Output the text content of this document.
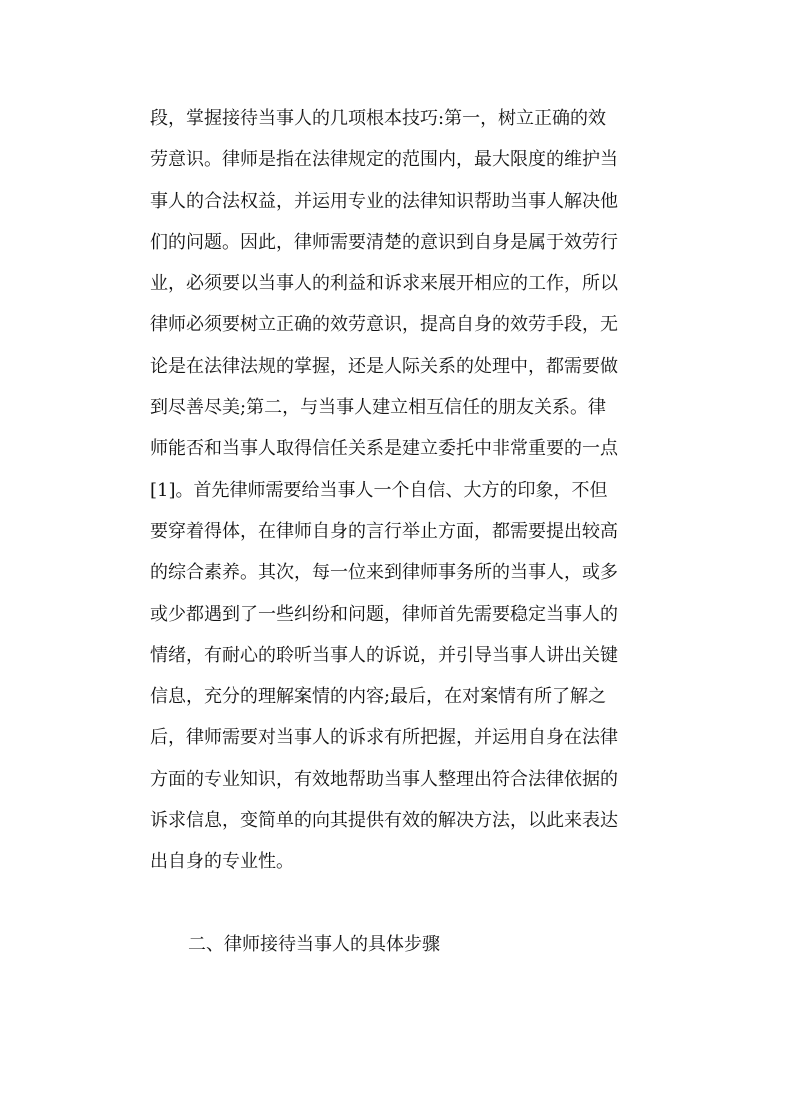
段，掌握接待当事人的几项根本技巧:第一，树立正确的效
劳意识。律师是指在法律规定的范围内，最大限度的维护当
事人的合法权益，并运用专业的法律知识帮助当事人解决他
们的问题。因此，律师需要清楚的意识到自身是属于效劳行
业，必须要以当事人的利益和诉求来展开相应的工作，所以
律师必须要树立正确的效劳意识，提高自身的效劳手段，无
论是在法律法规的掌握，还是人际关系的处理中，都需要做
到尽善尽美;第二，与当事人建立相互信任的朋友关系。律
师能否和当事人取得信任关系是建立委托中非常重要的一点
[1]。首先律师需要给当事人一个自信、大方的印象，不但
要穿着得体，在律师自身的言行举止方面，都需要提出较高
的综合素养。其次，每一位来到律师事务所的当事人，或多
或少都遇到了一些纠纷和问题，律师首先需要稳定当事人的
情绪，有耐心的聆听当事人的诉说，并引导当事人讲出关键
信息，充分的理解案情的内容;最后，在对案情有所了解之
后，律师需要对当事人的诉求有所把握，并运用自身在法律
方面的专业知识，有效地帮助当事人整理出符合法律依据的
诉求信息，变简单的向其提供有效的解决方法，以此来表达
出自身的专业性。
二、律师接待当事人的具体步骤
